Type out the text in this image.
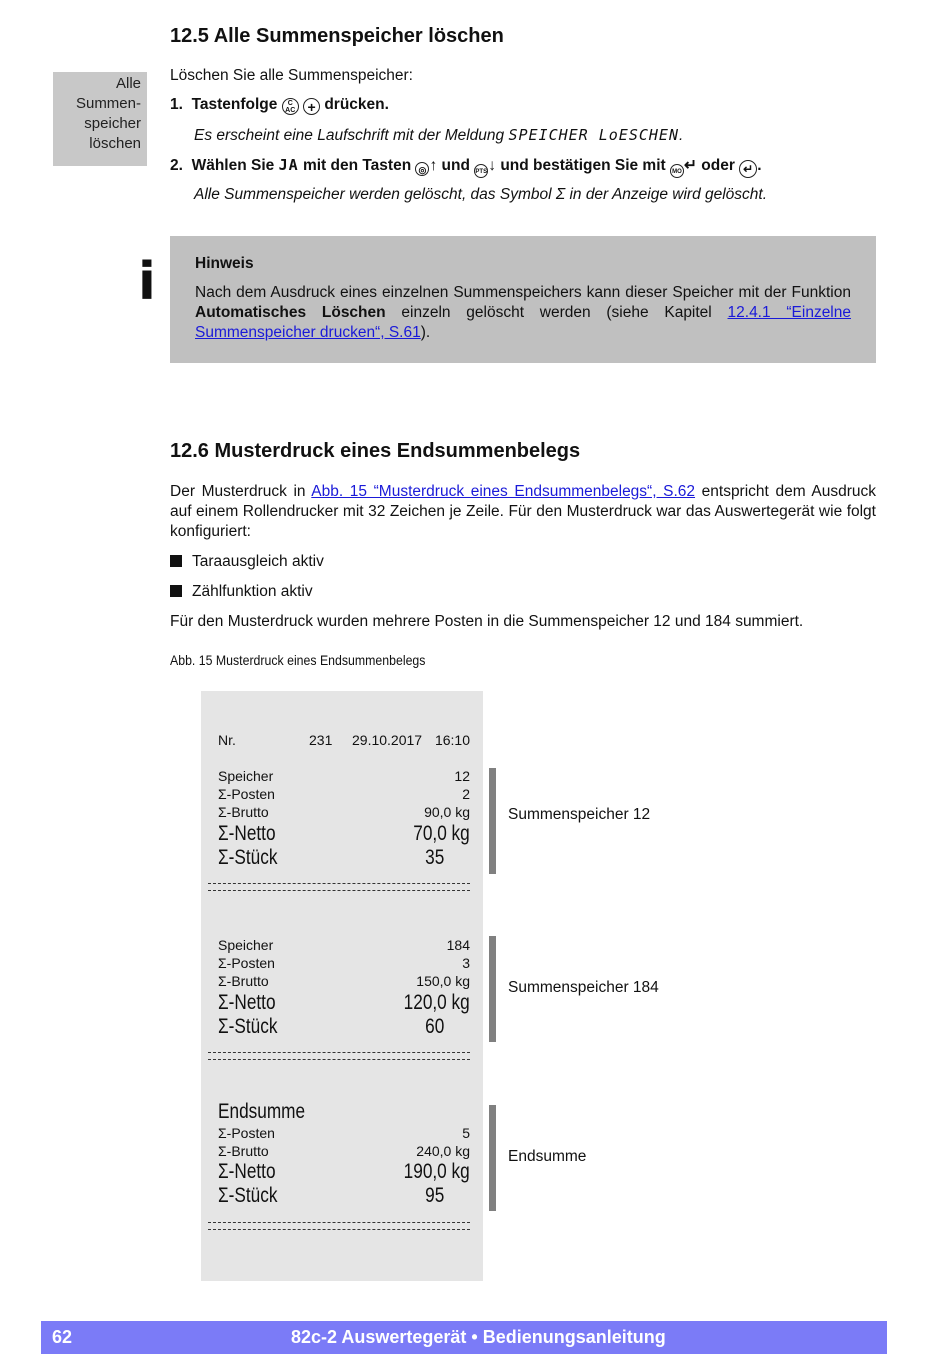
12.5 Alle Summenspeicher löschen
Alle
Summen-
speicher
löschen
Löschen Sie alle Summenspeicher:
1. Tastenfolge C
AC + drücken.
Es erscheint eine Laufschrift mit der Meldung SPEICHER LoESCHEN.
2. Wählen Sie JA mit den Tasten ◎ ↑ und PTS↓ und bestätigen Sie mit MO ↵ oder ↵ .
Alle Summenspeicher werden gelöscht, das Symbol Σ in der Anzeige wird gelöscht.
i	Hinweis

Nach dem Ausdruck eines einzelnen Summenspeichers kann dieser Speicher mit der Funktion Automatisches Löschen einzeln gelöscht werden (siehe Kapitel 12.4.1 “Einzelne Summenspeicher drucken“, S.61).

12.6 Musterdruck eines Endsummenbelegs
Der Musterdruck in Abb. 15 “Musterdruck eines Endsummenbelegs“, S.62 entspricht dem Ausdruck auf einem Rollendrucker mit 32 Zeichen je Zeile. Für den Musterdruck war das Auswertegerät wie folgt konfiguriert:
Taraausgleich aktiv
Zählfunktion aktiv
Für den Musterdruck wurden mehrere Posten in die Summenspeicher 12 und 184 summiert.
Abb. 15 Musterdruck eines Endsummenbelegs
Nr.	231 29.10.2017 16:10
Speicher	12
Σ-Posten	2
Σ-Brutto	90,0 kg
Σ-Netto	70,0 kg
Σ-Stück	35
Speicher	184
Σ-Posten	3
Σ-Brutto	150,0 kg
Σ-Netto	120,0 kg
Σ-Stück	60
Endsumme
Σ-Posten	5
Σ-Brutto	240,0 kg
Σ-Netto	190,0 kg
Σ-Stück	95
Summenspeicher 12
Summenspeicher 184
Endsumme
62	82c-2 Auswertegerät • Bedienungsanleitung
